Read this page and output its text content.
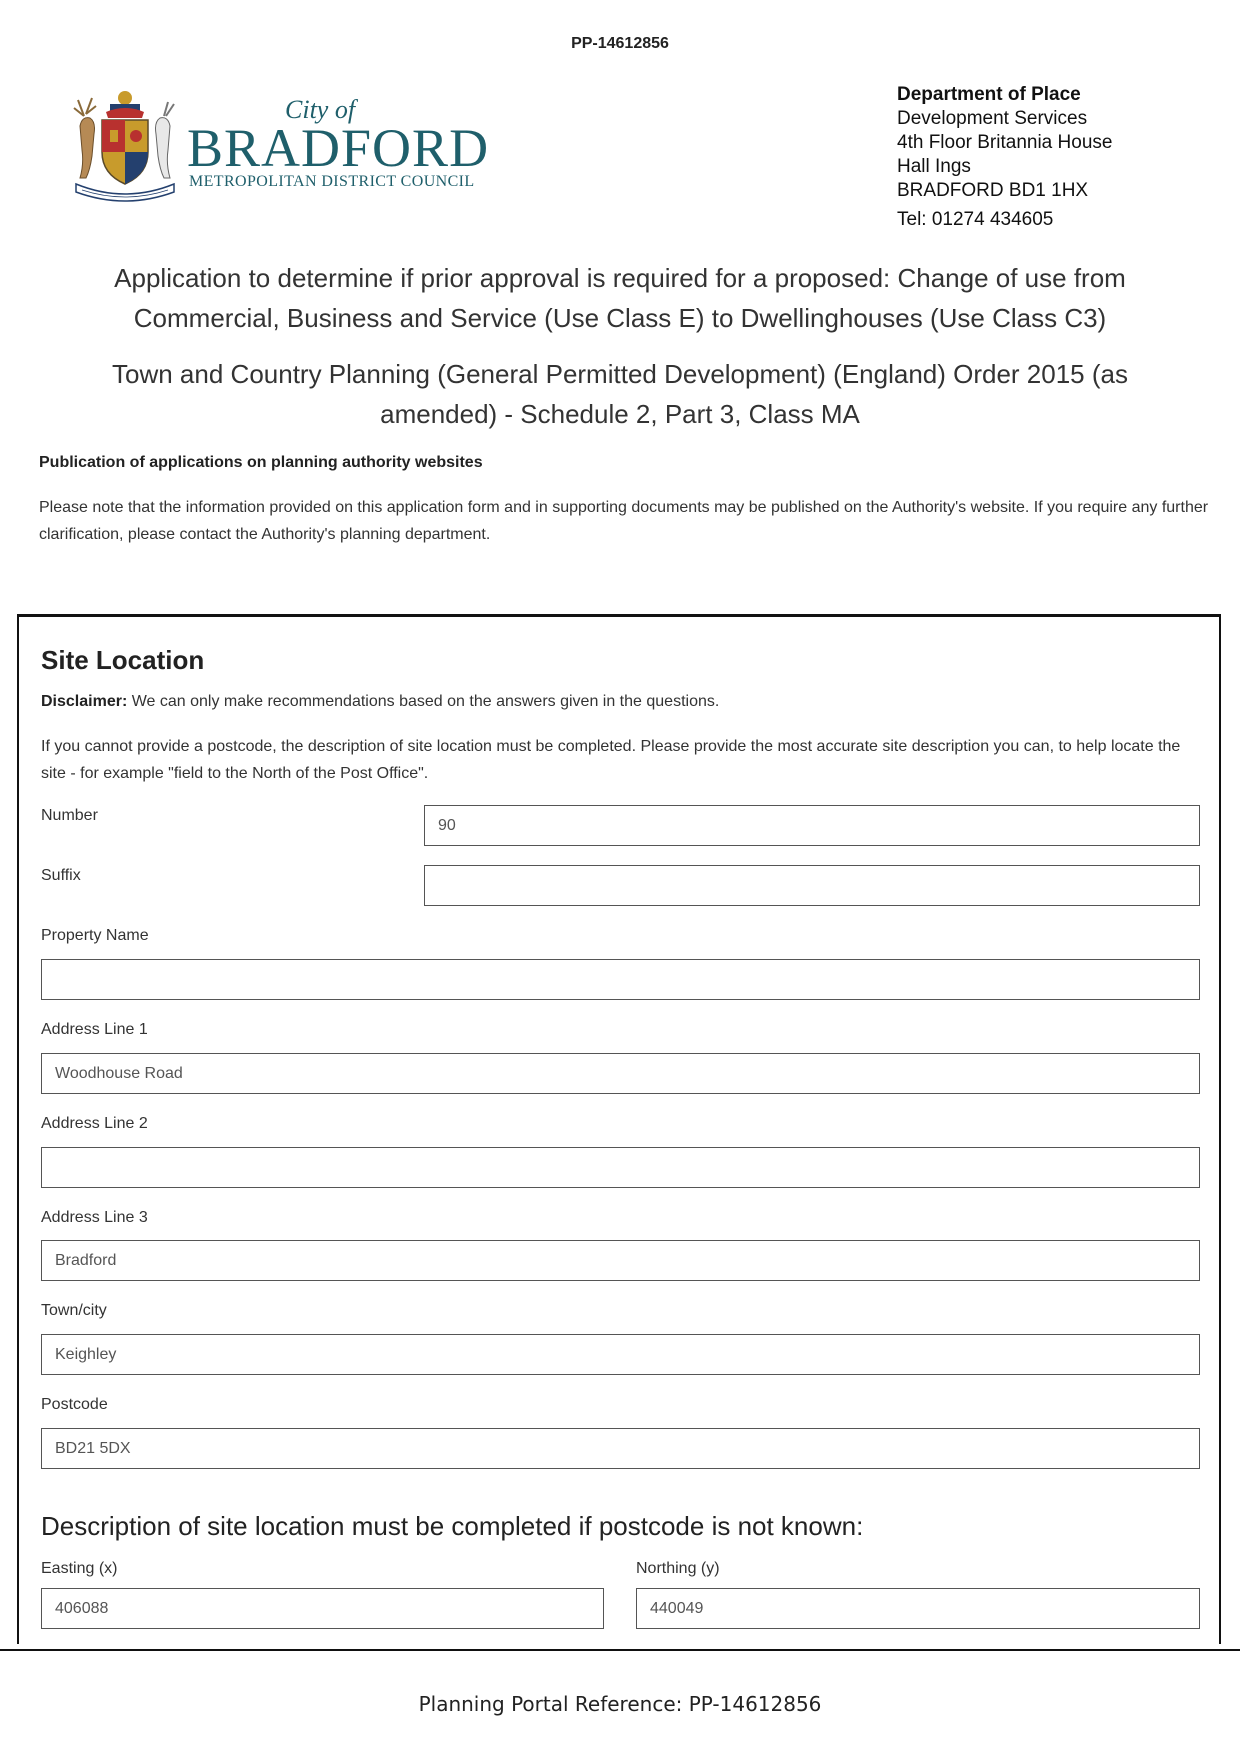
PP-14612856
City of
BRADFORD
METROPOLITAN DISTRICT COUNCIL
Department of Place
Development Services
4th Floor Britannia House
Hall Ings
BRADFORD BD1 1HX
Tel: 01274 434605
Application to determine if prior approval is required for a proposed: Change of use from
Commercial, Business and Service (Use Class E) to Dwellinghouses (Use Class C3)
Town and Country Planning (General Permitted Development) (England) Order 2015 (as
amended) - Schedule 2, Part 3, Class MA
Publication of applications on planning authority websites
Please note that the information provided on this application form and in supporting documents may be published on the Authority's website. If you require any further clarification, please contact the Authority's planning department.
Site Location
Disclaimer: We can only make recommendations based on the answers given in the questions.
If you cannot provide a postcode, the description of site location must be completed. Please provide the most accurate site description you can, to help locate the site - for example "field to the North of the Post Office".
Number
90
Suffix
Property Name
Address Line 1
Woodhouse Road
Address Line 2
Address Line 3
Bradford
Town/city
Keighley
Postcode
BD21 5DX
Description of site location must be completed if postcode is not known:
Easting (x)
406088
Northing (y)
440049
Planning Portal Reference: PP-14612856
